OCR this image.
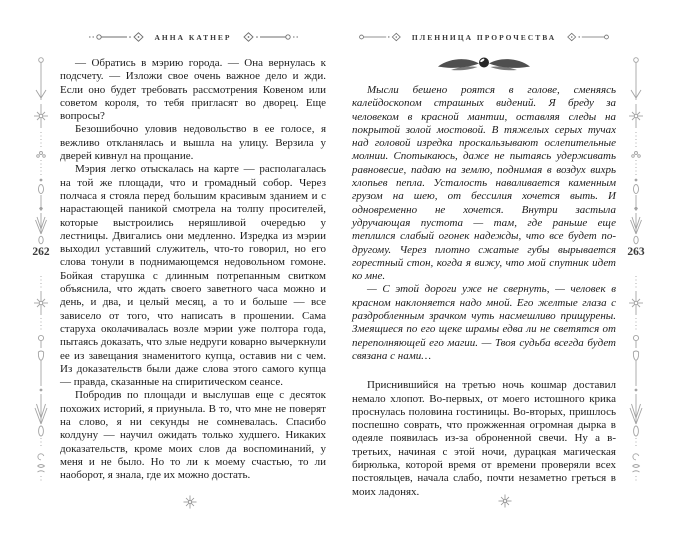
262	263
АННА КАТНЕР

— Обратись в мэрию города. — Она вернулась к подсчету. — Изложи свое очень важное дело и жди. Если оно будет требовать рассмотрения Ковеном или советом короля, то тебя пригласят во дворец. Еще вопросы?

Безошибочно уловив недовольство в ее голосе, я вежливо откланялась и вышла на улицу. Верзила у дверей кивнул на прощание.

Мэрия легко отыскалась на карте — располагалась на той же площади, что и громадный собор. Через полчаса я стояла перед большим красивым зданием и с нарастающей паникой смотрела на толпу просителей, которые выстроились неряшливой очередью у лестницы. Двигались они медленно. Изредка из мэрии выходил уставший служитель, что-то говорил, но его слова тонули в поднимающемся недовольном гомоне. Бойкая старушка с длинным потрепанным свитком объяснила, что ждать своего заветного часа можно и день, и два, и целый месяц, а то и больше — все зависело от того, что написать в прошении. Сама старуха околачивалась возле мэрии уже полтора года, пытаясь доказать, что злые недруги коварно вычеркнули ее из завещания знаменитого купца, оставив ни с чем. Из доказательств были даже слова этого самого купца — правда, сказанные на спиритическом сеансе.

Побродив по площади и выслушав еще с десяток похожих историй, я приуныла. В то, что мне не поверят на слово, я ни секунды не сомневалась. Спасибо колдуну — научил ожидать только худшего. Никаких доказательств, кроме моих слов да воспоминаний, у меня и не было. Но то ли к моему счастью, то ли наоборот, я знала, где их можно достать.

ПЛЕННИЦА ПРОРОЧЕСТВА

Мысли бешено роятся в голове, сменяясь калейдоскопом страшных видений. Я бреду за человеком в красной мантии, оставляя следы на покрытой золой мостовой. В тяжелых серых тучах над головой изредка проскальзывают ослепительные молнии. Спотыкаюсь, даже не пытаясь удерживать равновесие, падаю на землю, поднимая в воздух вихрь хлопьев пепла. Усталость наваливается каменным грузом на шею, от бессилия хочется выть. И одновременно не хочется. Внутри застыла удручающая пустота — там, где раньше еще теплился слабый огонек надежды, что все будет по-другому. Через плотно сжатые губы вырывается горестный стон, когда я вижу, что мой спутник идет ко мне.

— С этой дороги уже не свернуть, — человек в красном наклоняется надо мной. Его желтые глаза с раздробленным зрачком чуть насмешливо прищурены. Змеящиеся по его щеке шрамы едва ли не светятся от переполняющей его магии. — Твоя судьба всегда будет связана с нами…

Приснившийся на третью ночь кошмар доставил немало хлопот. Во-первых, от моего истошного крика проснулась половина гостиницы. Во-вторых, пришлось поспешно соврать, что прожженная огромная дырка в одеяле появилась из-за оброненной свечи. Ну а в-третьих, начиная с этой ночи, дурацкая магическая бирюлька, которой время от времени проверяли всех постояльцев, начала слабо, почти незаметно греться в моих ладонях.
